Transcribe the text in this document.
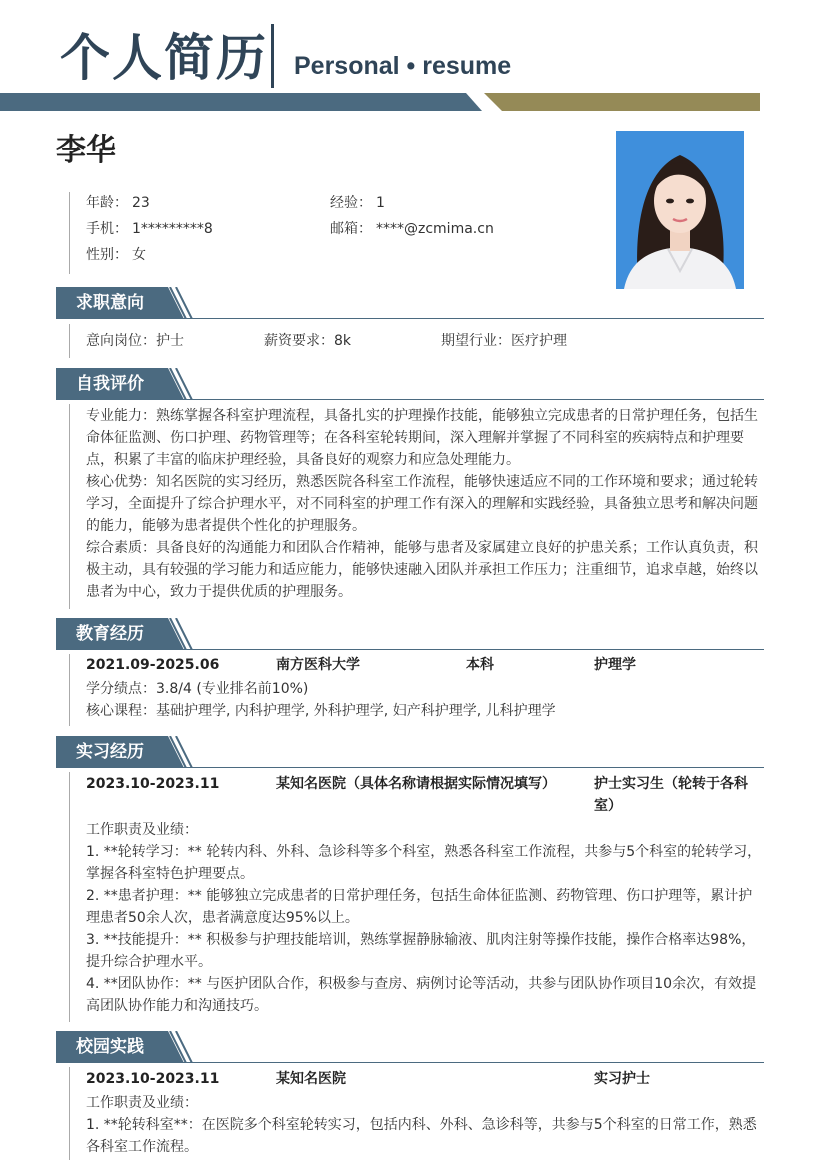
个人简历 Personal • resume
李华
年龄： 23	经验： 1
手机： 1*********8	邮箱： ****@zcmima.cn
性别： 女
求职意向
意向岗位：护士	薪资要求：8k	期望行业：医疗护理
自我评价

专业能力：熟练掌握各科室护理流程，具备扎实的护理操作技能，能够独立完成患者的日常护理任务，包括生命体征监测、伤口护理、药物管理等；在各科室轮转期间，深入理解并掌握了不同科室的疾病特点和护理要点，积累了丰富的临床护理经验，具备良好的观察力和应急处理能力。

核心优势：知名医院的实习经历，熟悉医院各科室工作流程，能够快速适应不同的工作环境和要求；通过轮转学习，全面提升了综合护理水平，对不同科室的护理工作有深入的理解和实践经验，具备独立思考和解决问题的能力，能够为患者提供个性化的护理服务。

综合素质：具备良好的沟通能力和团队合作精神，能够与患者及家属建立良好的护患关系；工作认真负责，积极主动，具有较强的学习能力和适应能力，能够快速融入团队并承担工作压力；注重细节，追求卓越，始终以患者为中心，致力于提供优质的护理服务。

教育经历
2021.09-2025.06	南方医科大学	本科	护理学
学分绩点：3.8/4 (专业排名前10%)
核心课程：基础护理学, 内科护理学, 外科护理学, 妇产科护理学, 儿科护理学
实习经历
2023.10-2023.11	某知名医院（具体名称请根据实际情况填写）	护士实习生（轮转于各科室）

工作职责及业绩：

1. **轮转学习：** 轮转内科、外科、急诊科等多个科室，熟悉各科室工作流程，共参与5个科室的轮转学习，掌握各科室特色护理要点。

2. **患者护理：** 能够独立完成患者的日常护理任务，包括生命体征监测、药物管理、伤口护理等，累计护理患者50余人次，患者满意度达95%以上。

3. **技能提升：** 积极参与护理技能培训，熟练掌握静脉输液、肌肉注射等操作技能，操作合格率达98%，提升综合护理水平。

4. **团队协作：** 与医护团队合作，积极参与查房、病例讨论等活动，共参与团队协作项目10余次，有效提高团队协作能力和沟通技巧。

校园实践
2023.10-2023.11	某知名医院	实习护士

工作职责及业绩：

1. **轮转科室**：在医院多个科室轮转实习，包括内科、外科、急诊科等，共参与5个科室的日常工作，熟悉各科室工作流程。
